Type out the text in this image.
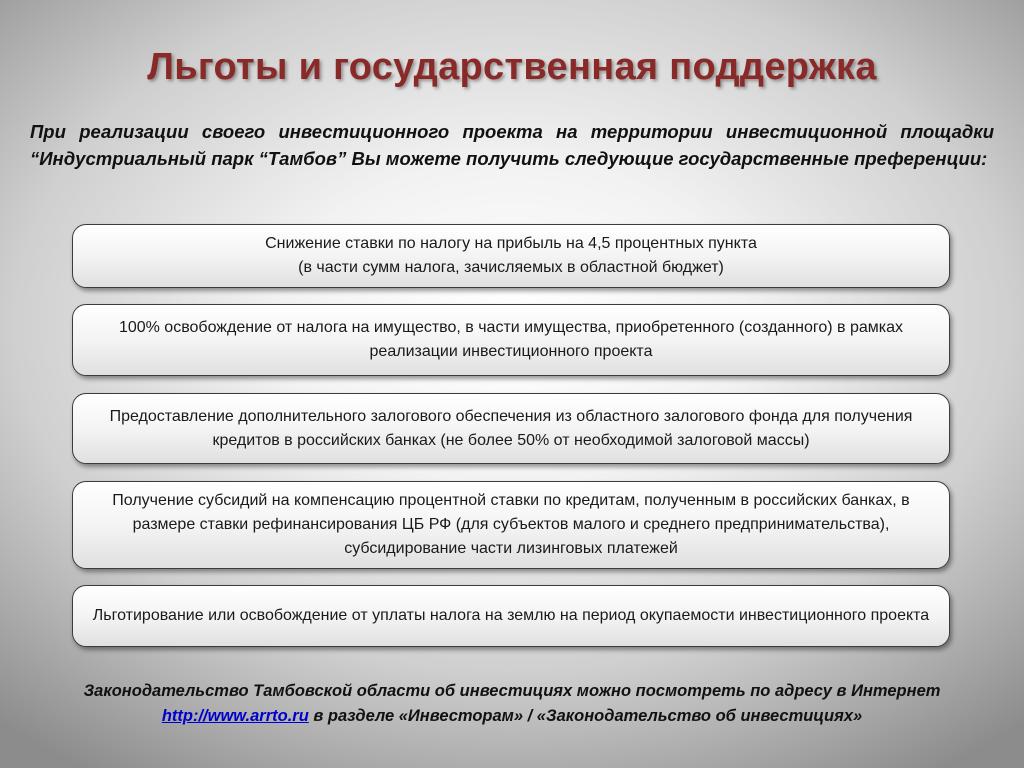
Льготы и государственная поддержка

При реализации своего инвестиционного проекта на территории инвестиционной площадки “Индустриальный парк “Тамбов” Вы можете получить следующие государственные преференции:

Снижение ставки по налогу на прибыль на 4,5 процентных пункта
(в части сумм налога, зачисляемых в областной бюджет)
100% освобождение от налога на имущество, в части имущества, приобретенного (созданного) в рамках реализации инвестиционного проекта
Предоставление дополнительного залогового обеспечения из областного залогового фонда для получения кредитов в российских банках (не более 50% от необходимой залоговой массы)
Получение субсидий на компенсацию процентной ставки по кредитам, полученным в российских банках, в размере ставки рефинансирования ЦБ РФ (для субъектов малого и среднего предпринимательства), субсидирование части лизинговых платежей
Льготирование или освобождение от уплаты налога на землю на период окупаемости инвестиционного проекта
Законодательство Тамбовской области об инвестициях можно посмотреть по адресу в Интернет
http://www.arrto.ru в разделе «Инвесторам» / «Законодательство об инвестициях»
